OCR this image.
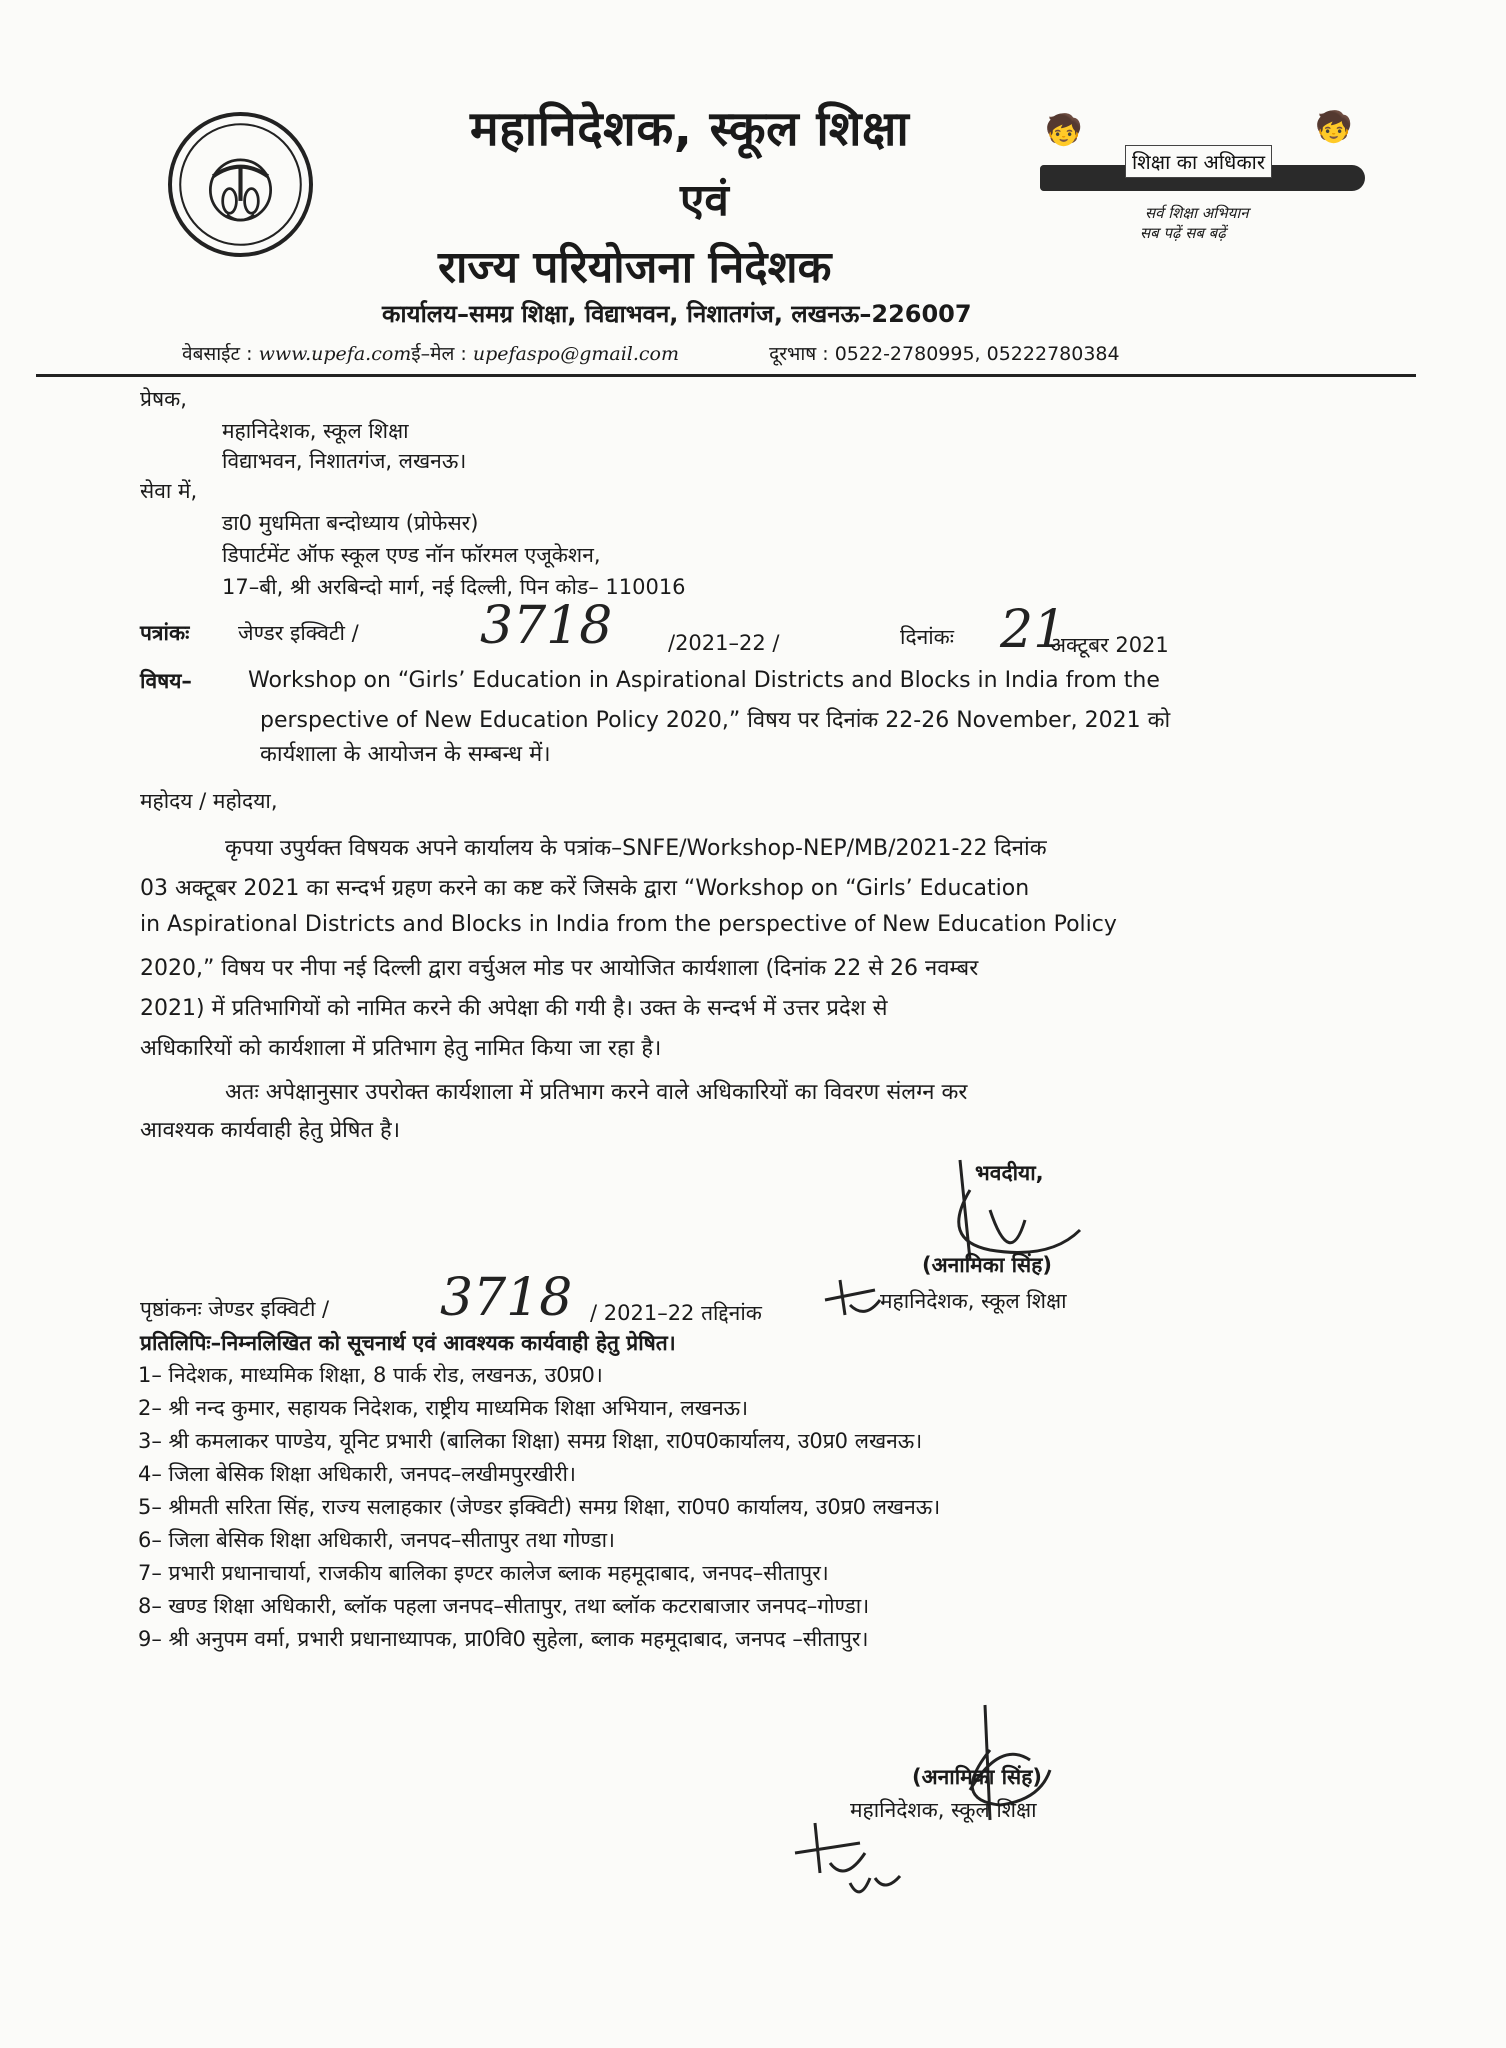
महानिदेशक, स्कूल शिक्षा
एवं
राज्य परियोजना निदेशक
🧒	🧒
शिक्षा का अधिकार
सर्व शिक्षा अभियान
सब पढ़ें सब बढ़ें
कार्यालय–समग्र शिक्षा, विद्याभवन, निशातगंज, लखनऊ–226007
वेबसाईट : www.upefa.comई–मेल : upefaspo@gmail.com	दूरभाष : 0522-2780995, 05222780384
प्रेषक,
महानिदेशक, स्कूल शिक्षा
विद्याभवन, निशातगंज, लखनऊ।
सेवा में,
डा0 मुधमिता बन्दोध्याय (प्रोफेसर)
डिपार्टमेंट ऑफ स्कूल एण्ड नॉन फॉरमल एजूकेशन,
17–बी, श्री अरबिन्दो मार्ग, नई दिल्ली, पिन कोड– 110016
पत्रांकः जेण्डर इक्विटी / 3718	/2021–22 /	दिनांकः 21
अक्टूबर 2021
विषय–	Workshop on “Girls’ Education in Aspirational Districts and Blocks in India from the
perspective of New Education Policy 2020,” विषय पर दिनांक 22-26 November, 2021 को
कार्यशाला के आयोजन के सम्बन्ध में।
महोदय / महोदया,
कृपया उपुर्यक्त विषयक अपने कार्यालय के पत्रांक–SNFE/Workshop-NEP/MB/2021-22 दिनांक
03 अक्टूबर 2021 का सन्दर्भ ग्रहण करने का कष्ट करें जिसके द्वारा “Workshop on “Girls’ Education
in Aspirational Districts and Blocks in India from the perspective of New Education Policy
2020,” विषय पर नीपा नई दिल्ली द्वारा वर्चुअल मोड पर आयोजित कार्यशाला (दिनांक 22 से 26 नवम्बर
2021) में प्रतिभागियों को नामित करने की अपेक्षा की गयी है। उक्त के सन्दर्भ में उत्तर प्रदेश से
अधिकारियों को कार्यशाला में प्रतिभाग हेतु नामित किया जा रहा है।
अतः अपेक्षानुसार उपरोक्त कार्यशाला में प्रतिभाग करने वाले अधिकारियों का विवरण संलग्न कर
आवश्यक कार्यवाही हेतु प्रेषित है।
भवदीया,
(अनामिका सिंह)
पृष्ठांकनः जेण्डर इक्विटी / 3718 / 2021–22 तद्दिनांक	महानिदेशक, स्कूल शिक्षा
प्रतिलिपिः–निम्नलिखित को सूचनार्थ एवं आवश्यक कार्यवाही हेतु प्रेषित।
1– निदेशक, माध्यमिक शिक्षा, 8 पार्क रोड, लखनऊ, उ0प्र0।
2– श्री नन्द कुमार, सहायक निदेशक, राष्ट्रीय माध्यमिक शिक्षा अभियान, लखनऊ।
3– श्री कमलाकर पाण्डेय, यूनिट प्रभारी (बालिका शिक्षा) समग्र शिक्षा, रा0प0कार्यालय, उ0प्र0 लखनऊ।
4– जिला बेसिक शिक्षा अधिकारी, जनपद–लखीमपुरखीरी।
5– श्रीमती सरिता सिंह, राज्य सलाहकार (जेण्डर इक्विटी) समग्र शिक्षा, रा0प0 कार्यालय, उ0प्र0 लखनऊ।
6– जिला बेसिक शिक्षा अधिकारी, जनपद–सीतापुर तथा गोण्डा।
7– प्रभारी प्रधानाचार्या, राजकीय बालिका इण्टर कालेज ब्लाक महमूदाबाद, जनपद–सीतापुर।
8– खण्ड शिक्षा अधिकारी, ब्लॉक पहला जनपद–सीतापुर, तथा ब्लॉक कटराबाजार जनपद–गोण्डा।
9– श्री अनुपम वर्मा, प्रभारी प्रधानाध्यापक, प्रा0वि0 सुहेला, ब्लाक महमूदाबाद, जनपद –सीतापुर।
(अनामिका सिंह)
महानिदेशक, स्कूल शिक्षा
